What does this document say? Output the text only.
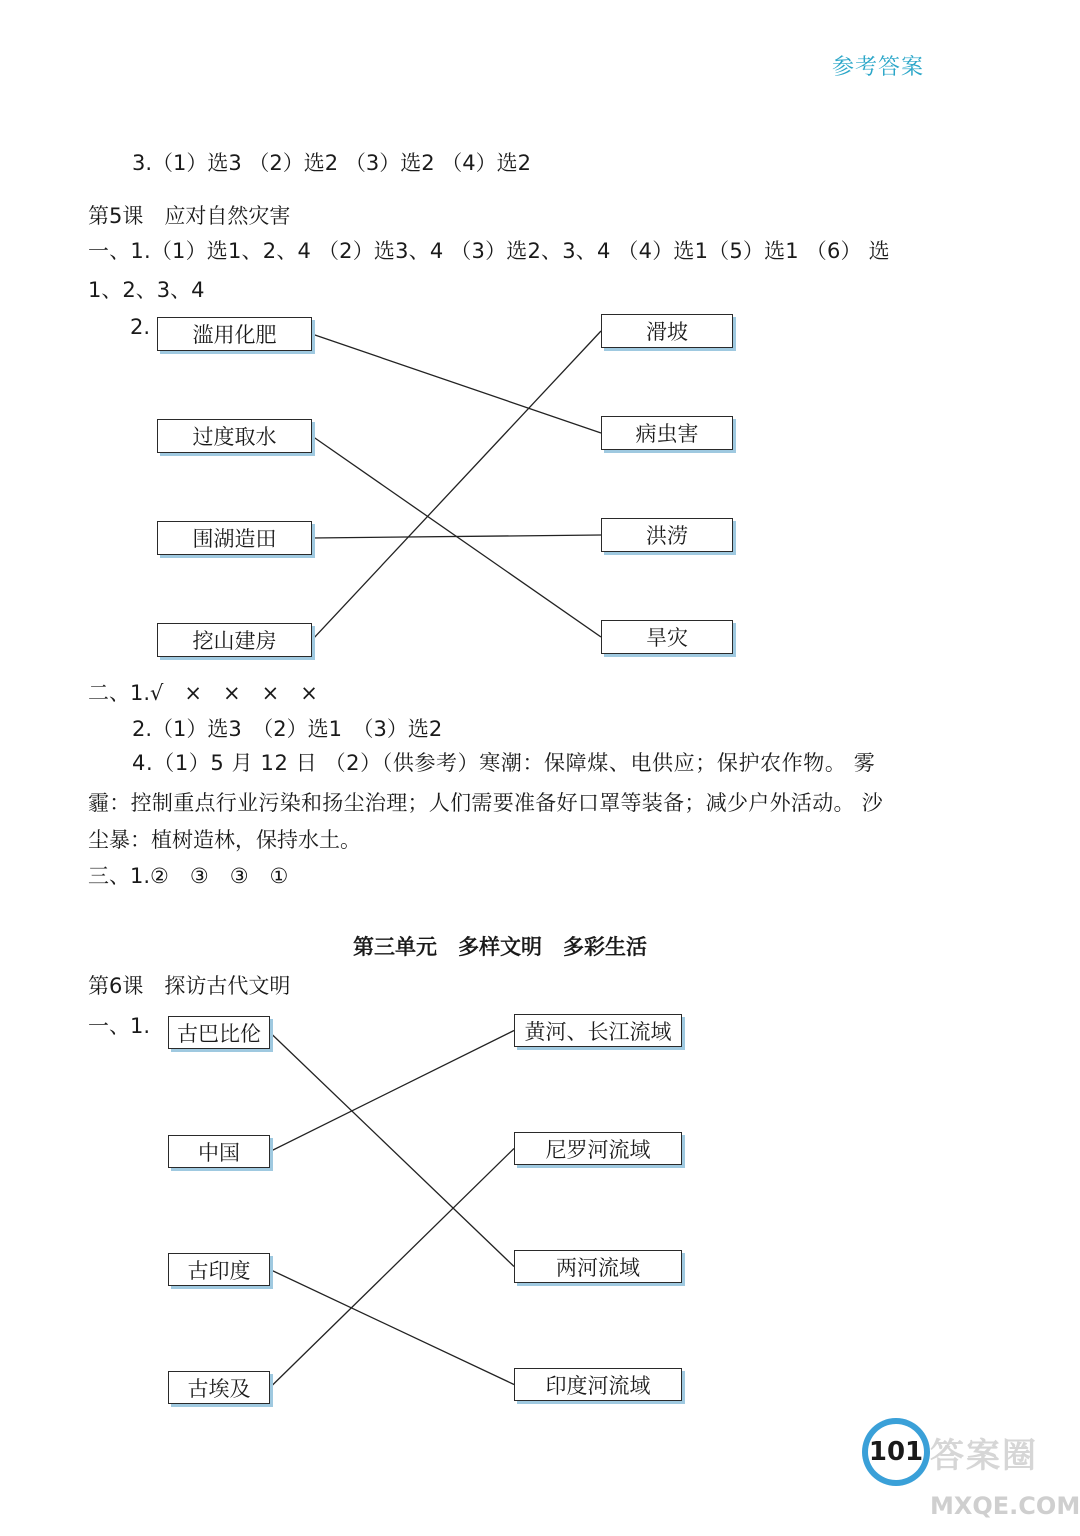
参考答案
3.（1）选3 （2）选2 （3）选2 （4）选2
第5课　应对自然灾害
一、1.（1）选1、2、4 （2）选3、4 （3）选2、3、4 （4）选1（5）选1 （6） 选
1、2、3、4
2. 滥用化肥
过度取水
围湖造田
挖山建房
滑坡
病虫害
洪涝
旱灾
二、1.√　×　×　×　×
2.（1）选3　（2）选1　（3）选2
4.（1）5 月 12 日 （2）（供参考）寒潮：保障煤、电供应；保护农作物。 雾
霾：控制重点行业污染和扬尘治理；人们需要准备好口罩等装备；减少户外活动。 沙
尘暴：植树造林，保持水土。
三、1.②　③　③　①
第三单元　多样文明　多彩生活
第6课　探访古代文明
一、1. 古巴比伦
中国
古印度
古埃及
黄河、长江流域
尼罗河流域
两河流域
印度河流域
101 答案圈
MXQE.COM
